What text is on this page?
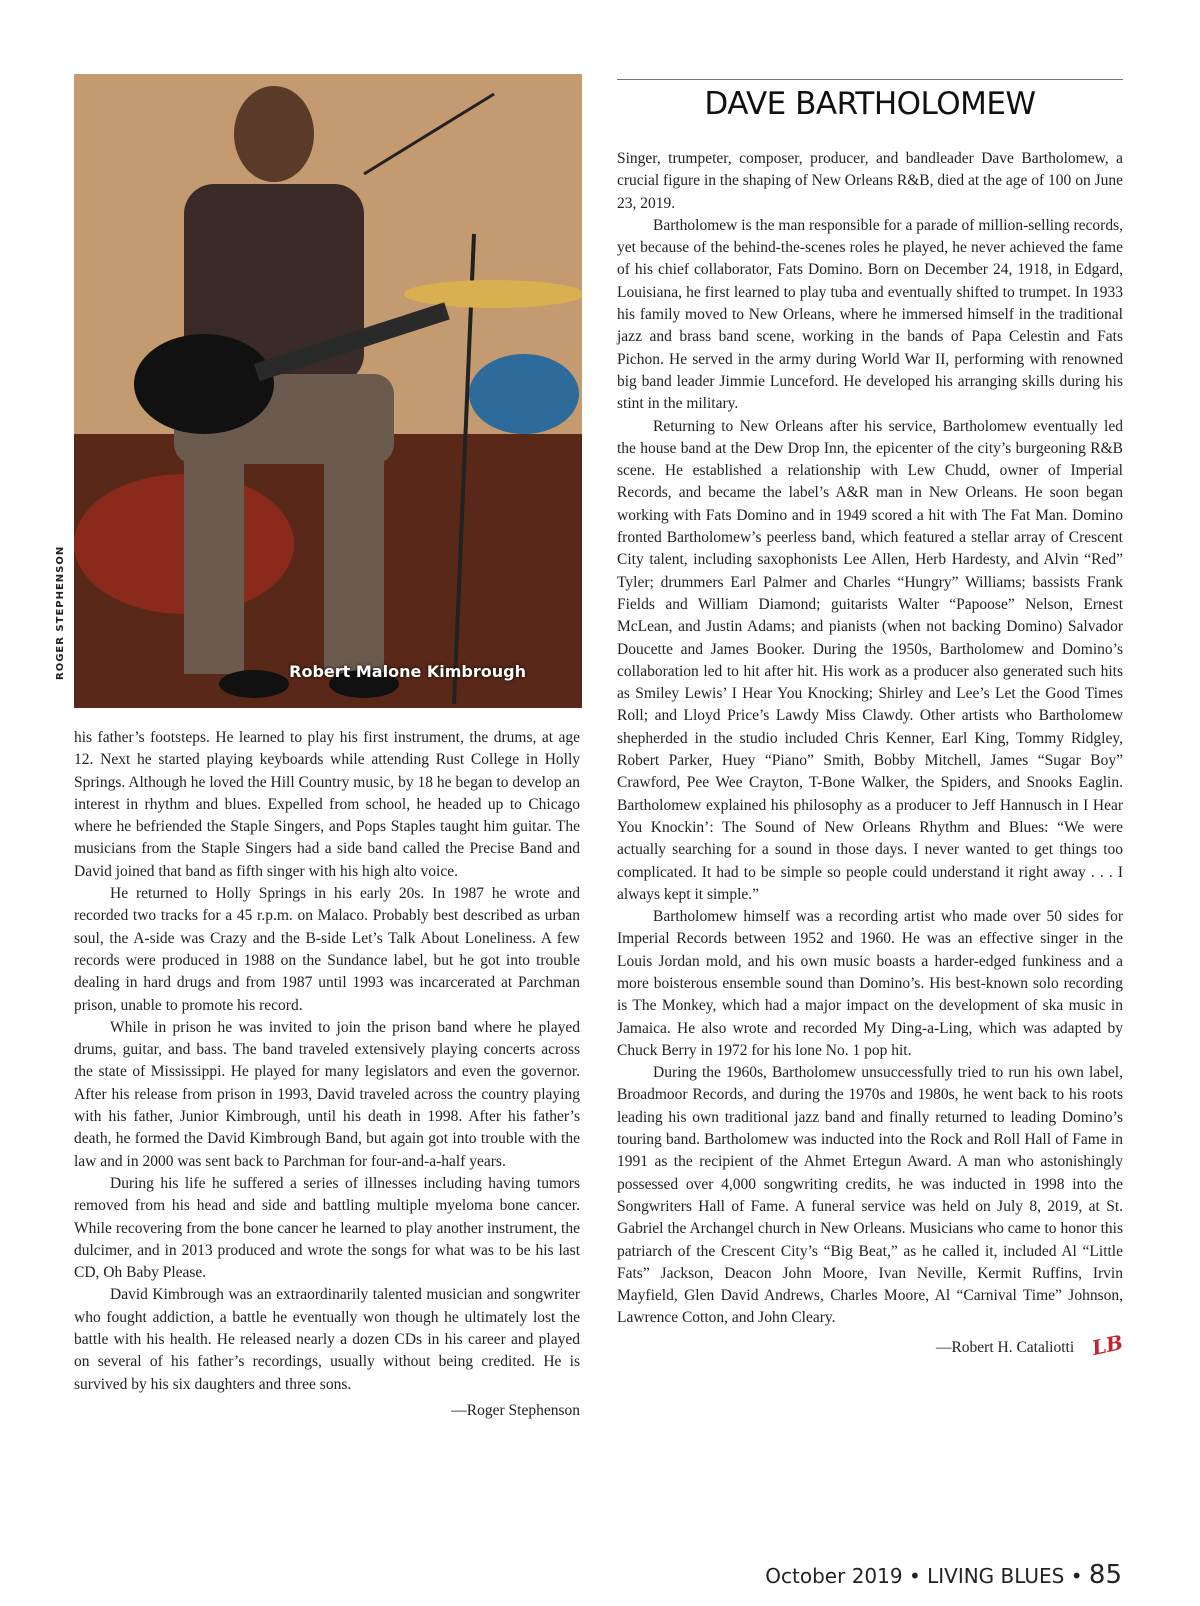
Robert Malone Kimbrough
ROGER STEPHENSON

his father’s footsteps. He learned to play his first instrument, the drums, at age 12. Next he started playing keyboards while attending Rust College in Holly Springs. Although he loved the Hill Country music, by 18 he began to develop an interest in rhythm and blues. Expelled from school, he headed up to Chicago where he befriended the Staple Singers, and Pops Staples taught him guitar. The musicians from the Staple Singers had a side band called the Precise Band and David joined that band as fifth singer with his high alto voice.

He returned to Holly Springs in his early 20s. In 1987 he wrote and recorded two tracks for a 45 r.p.m. on Malaco. Probably best described as urban soul, the A-side was Crazy and the B-side Let’s Talk About Loneliness. A few records were produced in 1988 on the Sundance label, but he got into trouble dealing in hard drugs and from 1987 until 1993 was incarcerated at Parchman prison, unable to promote his record.

While in prison he was invited to join the prison band where he played drums, guitar, and bass. The band traveled extensively playing concerts across the state of Mississippi. He played for many legislators and even the governor. After his release from prison in 1993, David traveled across the country playing with his father, Junior Kimbrough, until his death in 1998. After his father’s death, he formed the David Kimbrough Band, but again got into trouble with the law and in 2000 was sent back to Parchman for four-and-a-half years.

During his life he suffered a series of illnesses including having tumors removed from his head and side and battling multiple myeloma bone cancer. While recovering from the bone cancer he learned to play another instrument, the dulcimer, and in 2013 produced and wrote the songs for what was to be his last CD, Oh Baby Please.

David Kimbrough was an extraordinarily talented musician and songwriter who fought addiction, a battle he eventually won though he ultimately lost the battle with his health. He released nearly a dozen CDs in his career and played on several of his father’s recordings, usually without being credited. He is survived by his six daughters and three sons.

—Roger Stephenson
DAVE BARTHOLOMEW

Singer, trumpeter, composer, producer, and bandleader Dave Bartholomew, a crucial figure in the shaping of New Orleans R&B, died at the age of 100 on June 23, 2019.

Bartholomew is the man responsible for a parade of million-selling records, yet because of the behind-the-scenes roles he played, he never achieved the fame of his chief collaborator, Fats Domino. Born on December 24, 1918, in Edgard, Louisiana, he first learned to play tuba and eventually shifted to trumpet. In 1933 his family moved to New Orleans, where he immersed himself in the traditional jazz and brass band scene, working in the bands of Papa Celestin and Fats Pichon. He served in the army during World War II, performing with renowned big band leader Jimmie Lunceford. He developed his arranging skills during his stint in the military.

Returning to New Orleans after his service, Bartholomew eventually led the house band at the Dew Drop Inn, the epicenter of the city’s burgeoning R&B scene. He established a relationship with Lew Chudd, owner of Imperial Records, and became the label’s A&R man in New Orleans. He soon began working with Fats Domino and in 1949 scored a hit with The Fat Man. Domino fronted Bartholomew’s peerless band, which featured a stellar array of Crescent City talent, including saxophonists Lee Allen, Herb Hardesty, and Alvin “Red” Tyler; drummers Earl Palmer and Charles “Hungry” Williams; bassists Frank Fields and William Diamond; guitarists Walter “Papoose” Nelson, Ernest McLean, and Justin Adams; and pianists (when not backing Domino) Salvador Doucette and James Booker. During the 1950s, Bartholomew and Domino’s collaboration led to hit after hit. His work as a producer also generated such hits as Smiley Lewis’ I Hear You Knocking; Shirley and Lee’s Let the Good Times Roll; and Lloyd Price’s Lawdy Miss Clawdy. Other artists who Bartholomew shepherded in the studio included Chris Kenner, Earl King, Tommy Ridgley, Robert Parker, Huey “Piano” Smith, Bobby Mitchell, James “Sugar Boy” Crawford, Pee Wee Crayton, T-Bone Walker, the Spiders, and Snooks Eaglin. Bartholomew explained his philosophy as a producer to Jeff Hannusch in I Hear You Knockin’: The Sound of New Orleans Rhythm and Blues: “We were actually searching for a sound in those days. I never wanted to get things too complicated. It had to be simple so people could understand it right away . . . I always kept it simple.”

Bartholomew himself was a recording artist who made over 50 sides for Imperial Records between 1952 and 1960. He was an effective singer in the Louis Jordan mold, and his own music boasts a harder-edged funkiness and a more boisterous ensemble sound than Domino’s. His best-known solo recording is The Monkey, which had a major impact on the development of ska music in Jamaica. He also wrote and recorded My Ding-a-Ling, which was adapted by Chuck Berry in 1972 for his lone No. 1 pop hit.

During the 1960s, Bartholomew unsuccessfully tried to run his own label, Broadmoor Records, and during the 1970s and 1980s, he went back to his roots leading his own traditional jazz band and finally returned to leading Domino’s touring band. Bartholomew was inducted into the Rock and Roll Hall of Fame in 1991 as the recipient of the Ahmet Ertegun Award. A man who astonishingly possessed over 4,000 songwriting credits, he was inducted in 1998 into the Songwriters Hall of Fame. A funeral service was held on July 8, 2019, at St. Gabriel the Archangel church in New Orleans. Musicians who came to honor this patriarch of the Crescent City’s “Big Beat,” as he called it, included Al “Little Fats” Jackson, Deacon John Moore, Ivan Neville, Kermit Ruffins, Irvin Mayfield, Glen David Andrews, Charles Moore, Al “Carnival Time” Johnson, Lawrence Cotton, and John Cleary.

—Robert H. Cataliotti LB
October 2019 • LIVING BLUES • 85
